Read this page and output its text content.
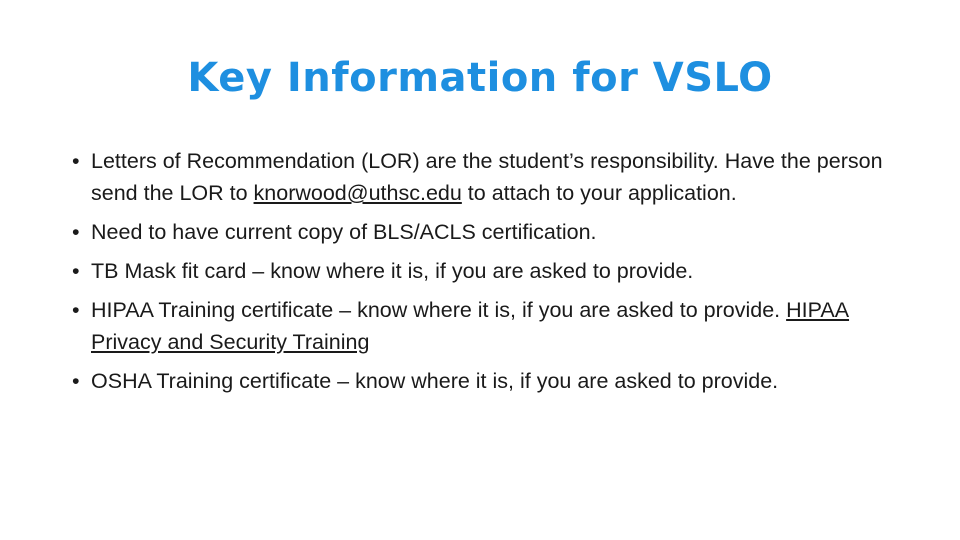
Key Information for VSLO
• Letters of Recommendation (LOR) are the student’s responsibility. Have the person send the LOR to knorwood@uthsc.edu to attach to your application.
• Need to have current copy of BLS/ACLS certification.
• TB Mask fit card – know where it is, if you are asked to provide.
• HIPAA Training certificate – know where it is, if you are asked to provide. HIPAA Privacy and Security Training
• OSHA Training certificate – know where it is, if you are asked to provide.
